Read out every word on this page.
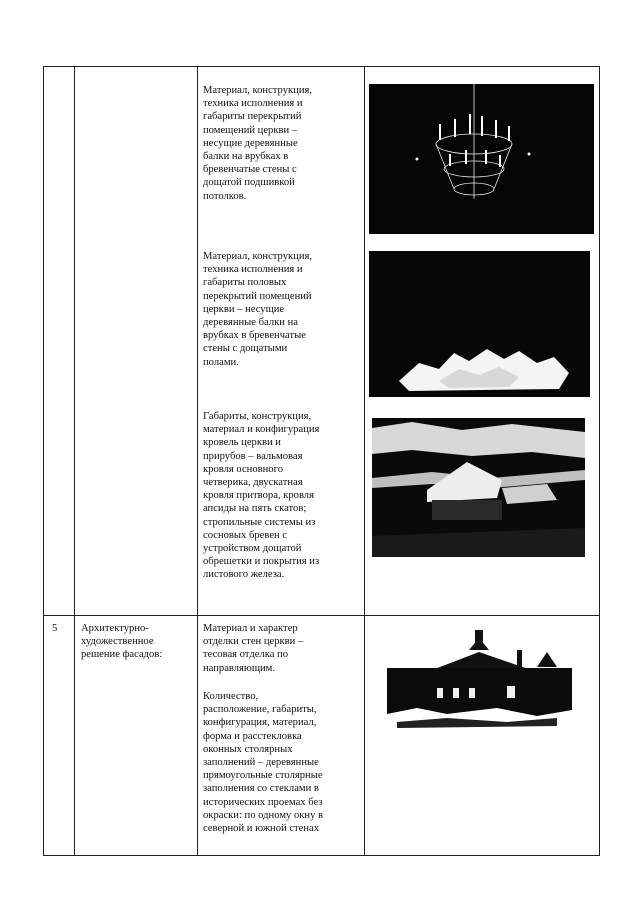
Материал, конструкция,
техника исполнения и
габариты перекрытий
помещений церкви –
несущие деревянные
балки на врубках в
бревенчатые стены с
дощатой подшивкой
потолков.
Материал, конструкция,
техника исполнения и
габариты половых
перекрытий помещений
церкви – несущие
деревянные балки на
врубках в бревенчатые
стены с дощатыми
полами.
Габариты, конструкция,
материал и конфигурация
кровель церкви и
прирубов – вальмовая
кровля основного
четверика, двускатная
кровля притвора, кровля
апсиды на пять скатов;
стропильные системы из
сосновых бревен с
устройством дощатой
обрешетки и покрытия из
листового железа.
5	Архитектурно-
художественное
решение фасадов:
Материал и характер
отделки стен церкви –
тесовая отделка по
направляющим.
Количество,
расположение, габариты,
конфигурация, материал,
форма и расстекловка
оконных столярных
заполнений – деревянные
прямоугольные столярные
заполнения со стеклами в
исторических проемах без
окраски: по одному окну в
северной и южной стенах
